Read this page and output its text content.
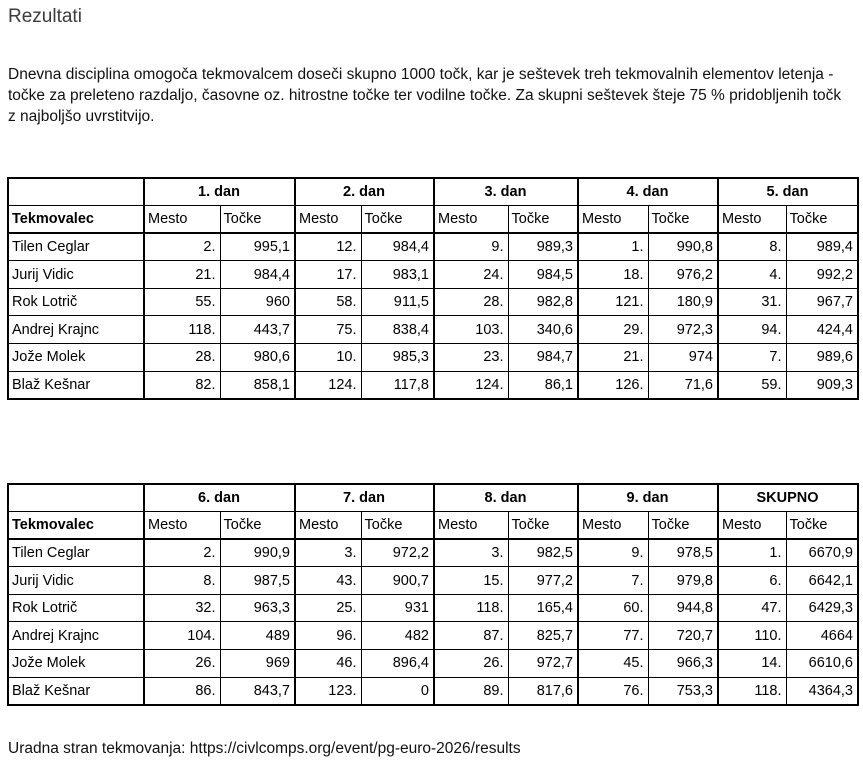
Rezultati

Dnevna disciplina omogoča tekmovalcem doseči skupno 1000 točk, kar je seštevek treh tekmovalnih elementov letenja - točke za preleteno razdaljo, časovne oz. hitrostne točke ter vodilne točke. Za skupni seštevek šteje 75 % pridobljenih točk z najboljšo uvrstitvijo.

	1. dan		2. dan		3. dan		4. dan		5. dan	
Tekmovalec	Mesto	Točke	Mesto	Točke	Mesto	Točke	Mesto	Točke	Mesto	Točke
Tilen Ceglar	2.	995,1	12.	984,4	9.	989,3	1.	990,8	8.	989,4
Jurij Vidic	21.	984,4	17.	983,1	24.	984,5	18.	976,2	4.	992,2
Rok Lotrič	55.	960	58.	911,5	28.	982,8	121.	180,9	31.	967,7
Andrej Krajnc	118.	443,7	75.	838,4	103.	340,6	29.	972,3	94.	424,4
Jože Molek	28.	980,6	10.	985,3	23.	984,7	21.	974	7.	989,6
Blaž Kešnar	82.	858,1	124.	117,8	124.	86,1	126.	71,6	59.	909,3
	6. dan		7. dan		8. dan		9. dan		SKUPNO	
Tekmovalec	Mesto	Točke	Mesto	Točke	Mesto	Točke	Mesto	Točke	Mesto	Točke
Tilen Ceglar	2.	990,9	3.	972,2	3.	982,5	9.	978,5	1.	6670,9
Jurij Vidic	8.	987,5	43.	900,7	15.	977,2	7.	979,8	6.	6642,1
Rok Lotrič	32.	963,3	25.	931	118.	165,4	60.	944,8	47.	6429,3
Andrej Krajnc	104.	489	96.	482	87.	825,7	77.	720,7	110.	4664
Jože Molek	26.	969	46.	896,4	26.	972,7	45.	966,3	14.	6610,6
Blaž Kešnar	86.	843,7	123.	0	89.	817,6	76.	753,3	118.	4364,3

Uradna stran tekmovanja: https://civlcomps.org/event/pg-euro-2026/results
